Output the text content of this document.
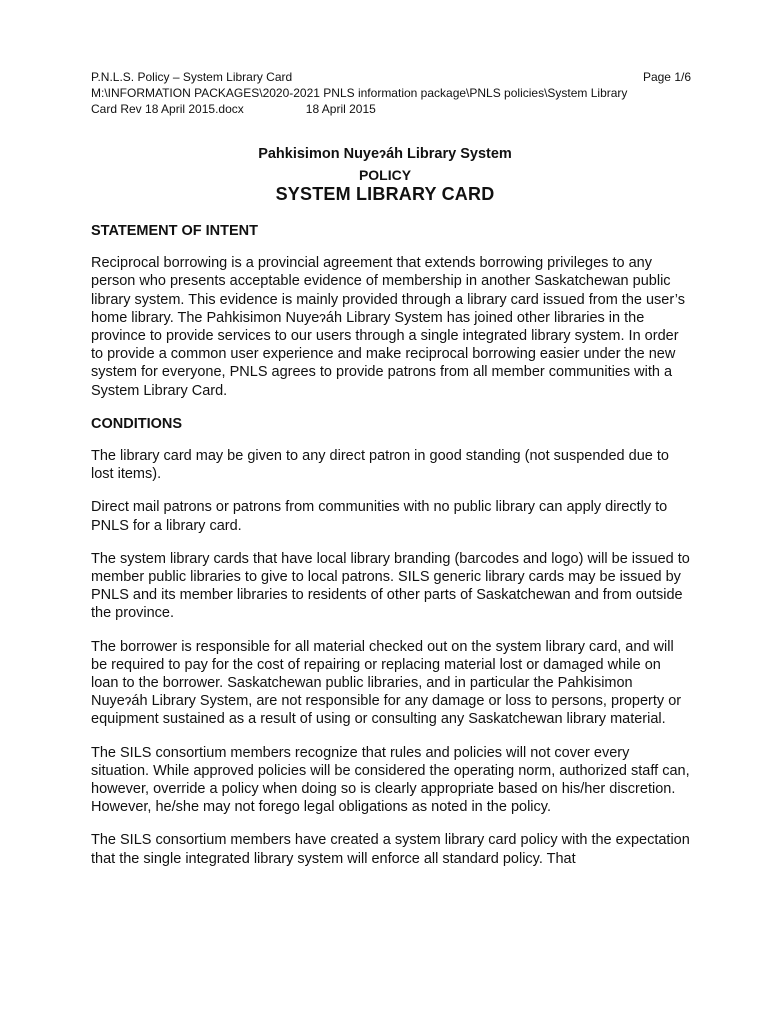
P.N.L.S. Policy – System Library Card	Page 1/6
M:\INFORMATION PACKAGES\2020-2021 PNLS information package\PNLS policies\System Library
Card Rev 18 April 2015.docx	18 April 2015
Pahkisimon Nuyeɂáh Library System
POLICY
SYSTEM LIBRARY CARD
STATEMENT OF INTENT

Reciprocal borrowing is a provincial agreement that extends borrowing privileges to any person who presents acceptable evidence of membership in another Saskatchewan public library system. This evidence is mainly provided through a library card issued from the user’s home library. The Pahkisimon Nuyeɂáh Library System has joined other libraries in the province to provide services to our users through a single integrated library system. In order to provide a common user experience and make reciprocal borrowing easier under the new system for everyone, PNLS agrees to provide patrons from all member communities with a System Library Card.

CONDITIONS

The library card may be given to any direct patron in good standing (not suspended due to lost items).

Direct mail patrons or patrons from communities with no public library can apply directly to PNLS for a library card.

The system library cards that have local library branding (barcodes and logo) will be issued to member public libraries to give to local patrons. SILS generic library cards may be issued by PNLS and its member libraries to residents of other parts of Saskatchewan and from outside the province.

The borrower is responsible for all material checked out on the system library card, and will be required to pay for the cost of repairing or replacing material lost or damaged while on loan to the borrower. Saskatchewan public libraries, and in particular the Pahkisimon Nuyeɂáh Library System, are not responsible for any damage or loss to persons, property or equipment sustained as a result of using or consulting any Saskatchewan library material.

The SILS consortium members recognize that rules and policies will not cover every situation. While approved policies will be considered the operating norm, authorized staff can, however, override a policy when doing so is clearly appropriate based on his/her discretion. However, he/she may not forego legal obligations as noted in the policy.

The SILS consortium members have created a system library card policy with the expectation that the single integrated library system will enforce all standard policy. That
